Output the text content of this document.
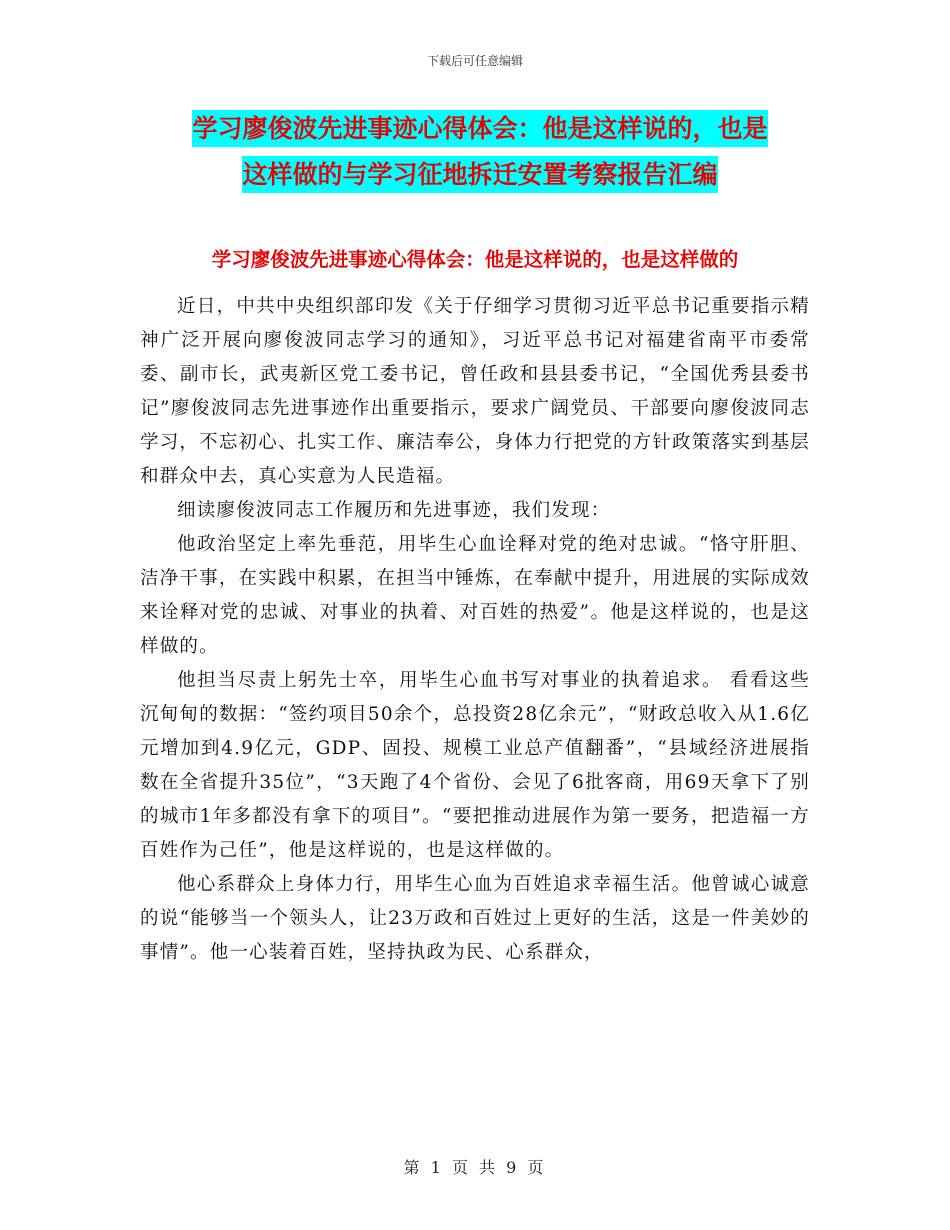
下载后可任意编辑
学习廖俊波先进事迹心得体会：他是这样说的，也是
这样做的与学习征地拆迁安置考察报告汇编
学习廖俊波先进事迹心得体会：他是这样说的，也是这样做的

近日，中共中央组织部印发《关于仔细学习贯彻习近平总书记重要指示精神广泛开展向廖俊波同志学习的通知》，习近平总书记对福建省南平市委常委、副市长，武夷新区党工委书记，曾任政和县县委书记，“全国优秀县委书记”廖俊波同志先进事迹作出重要指示，要求广阔党员、干部要向廖俊波同志学习，不忘初心、扎实工作、廉洁奉公，身体力行把党的方针政策落实到基层和群众中去，真心实意为人民造福。

细读廖俊波同志工作履历和先进事迹，我们发现：

他政治坚定上率先垂范，用毕生心血诠释对党的绝对忠诚。“恪守肝胆、洁净干事，在实践中积累，在担当中锤炼，在奉献中提升，用进展的实际成效来诠释对党的忠诚、对事业的执着、对百姓的热爱”。他是这样说的，也是这样做的。

他担当尽责上躬先士卒，用毕生心血书写对事业的执着追求。 看看这些沉甸甸的数据：“签约项目50余个，总投资28亿余元”，“财政总收入从1.6亿元增加到4.9亿元，GDP、固投、规模工业总产值翻番”，“县域经济进展指数在全省提升35位”，“3天跑了4个省份、会见了6批客商，用69天拿下了别的城市1年多都没有拿下的项目”。“要把推动进展作为第一要务，把造福一方百姓作为己任”，他是这样说的，也是这样做的。

他心系群众上身体力行，用毕生心血为百姓追求幸福生活。他曾诚心诚意的说“能够当一个领头人，让23万政和百姓过上更好的生活，这是一件美妙的事情”。他一心装着百姓，坚持执政为民、心系群众，

第 1 页 共 9 页
